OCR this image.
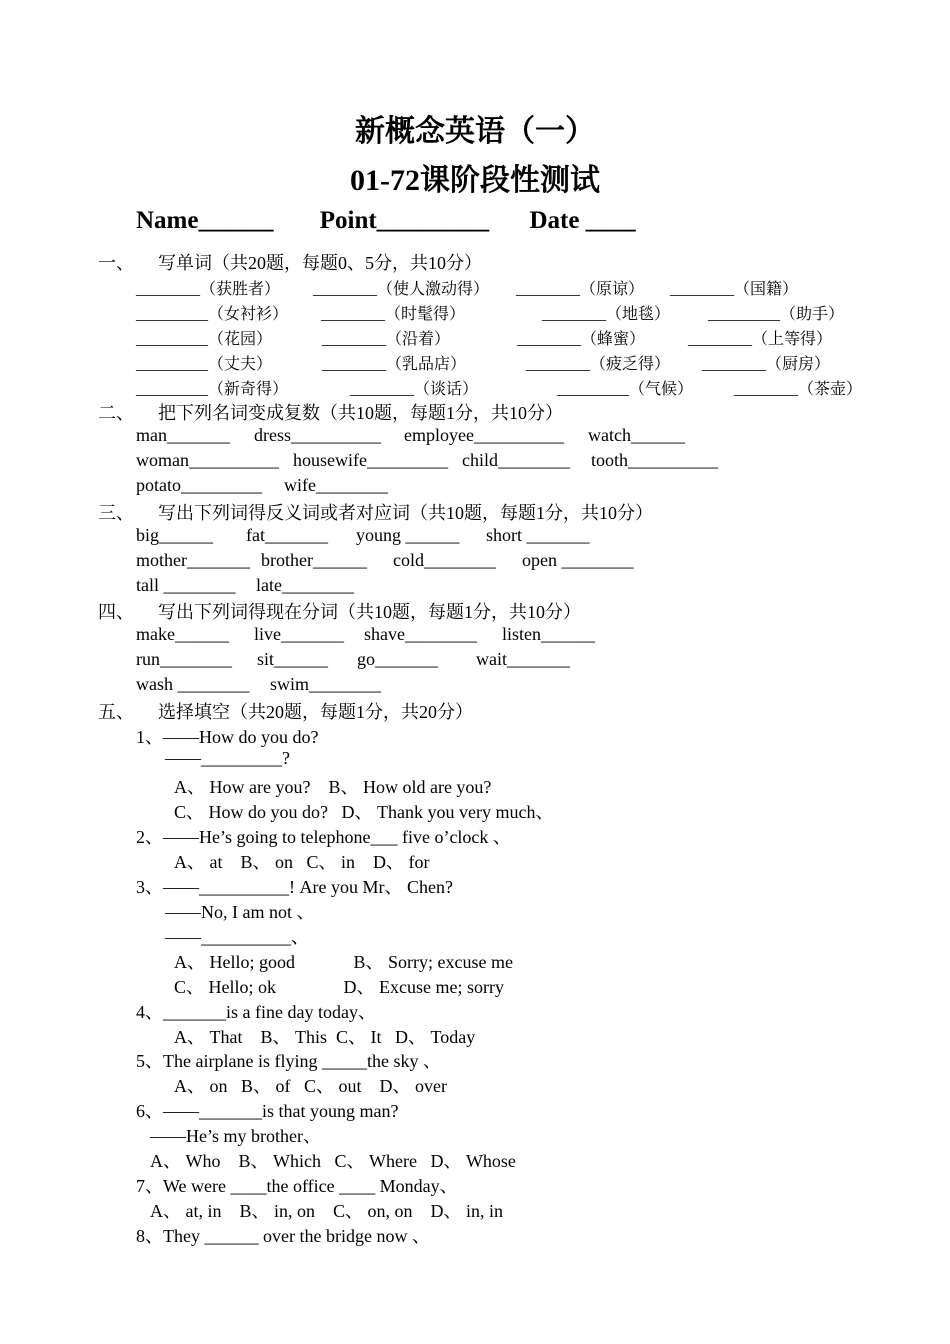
新概念英语（一）
01-72课阶段性测试
Name______ Point_________ Date ____
一、 写单词（共20题，每题0、5分，共10分）
________（获胜者） ________（使人激动得） ________（原谅） ________（国籍）
_________（女衬衫） ________（时髦得）	________（地毯） _________（助手）
_________（花园）	________（沿着）	________（蜂蜜）	________（上等得）
_________（丈夫）	________（乳品店）	________（疲乏得） ________（厨房）
_________（新奇得）	________（谈话）	_________（气候）	________（茶壶）
二、 把下列名词变成复数（共10题，每题1分，共10分）
man_______ dress__________ employee__________ watch______
woman__________ housewife_________ child________ tooth__________
potato_________ wife________
三、 写出下列词得反义词或者对应词（共10题，每题1分，共10分）
big______ fat_______ young ______ short _______
mother_______ brother______ cold________ open ________
tall ________ late________
四、 写出下列词得现在分词（共10题，每题1分，共10分）
make______ live_______ shave________ listen______
run________ sit______ go_______ wait_______
wash ________ swim________
五、 选择填空（共20题，每题1分，共20分）
1、——How do you do?
——_________?
A、 How are you?    B、 How old are you?
C、 How do you do?   D、 Thank you very much、
2、——He’s going to telephone___ five o’clock 、
A、 at    B、 on   C、 in    D、 for
3、——__________! Are you Mr、 Chen?
——No, I am not 、
——__________、
A、 Hello; good             B、 Sorry; excuse me
C、 Hello; ok               D、 Excuse me; sorry
4、_______is a fine day today、
A、 That    B、 This  C、 It   D、 Today
5、The airplane is flying _____the sky 、
A、 on   B、 of   C、 out    D、 over
6、——_______is that young man?
——He’s my brother、
A、 Who    B、 Which   C、 Where   D、 Whose
7、We were ____the office ____ Monday、
A、 at, in    B、 in, on    C、 on, on    D、 in, in
8、They ______ over the bridge now 、
